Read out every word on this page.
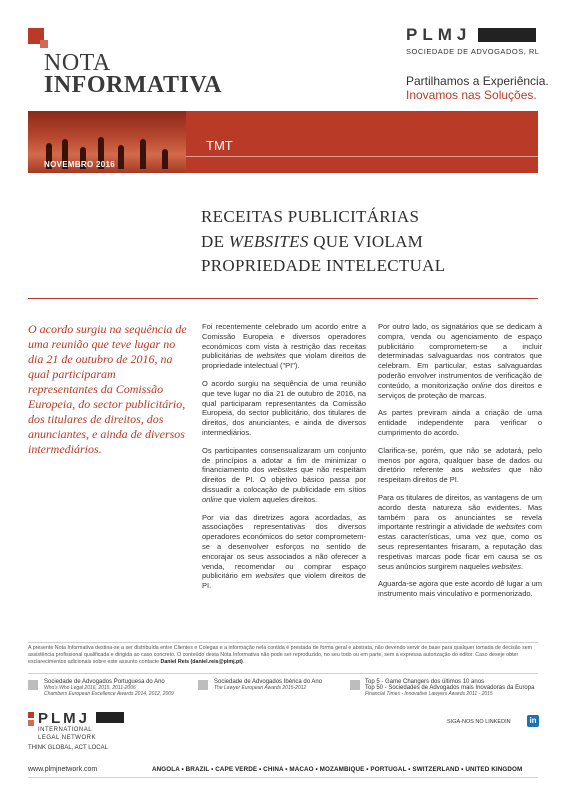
NOTA
INFORMATIVA
PLMJ
SOCIEDADE DE ADVOGADOS, RL
Partilhamos a Experiência.
Inovamos nas Soluções.
NOVEMBRO 2016
TMT
RECEITAS PUBLICITÁRIAS
DE WEBSITES QUE VIOLAM
PROPRIEDADE INTELECTUAL
O acordo surgiu na sequência de uma reunião que teve lugar no dia 21 de outubro de 2016, na qual participaram representantes da Comissão Europeia, do sector publicitário, dos titulares de direitos, dos anunciantes, e ainda de diversos intermediários.

Foi recentemente celebrado um acordo entre a Comissão Europeia e diversos operadores económicos com vista à restrição das receitas publicitárias de websites que violam direitos de propriedade intelectual ("PI").

O acordo surgiu na sequência de uma reunião que teve lugar no dia 21 de outubro de 2016, na qual participaram representantes da Comissão Europeia, do sector publicitário, dos titulares de direitos, dos anunciantes, e ainda de diversos intermediários.

Os participantes consensualizaram um conjunto de princípios a adotar a fim de minimizar o financiamento dos websites que não respeitam direitos de PI. O objetivo básico passa por dissuadir a colocação de publicidade em sítios online que violem aqueles direitos.

Por via das diretrizes agora acordadas, as associações representativas dos diversos operadores económicos do setor comprometem-se a desenvolver esforços no sentido de encorajar os seus associados a não oferecer a venda, recomendar ou comprar espaço publicitário em websites que violem direitos de PI.

Por outro lado, os signatários que se dedicam à compra, venda ou agenciamento de espaço publicitário comprometem-se a incluir determinadas salvaguardas nos contratos que celebram. Em particular, estas salvaguardas poderão envolver instrumentos de verificação de conteúdo, a monitorização online dos direitos e serviços de proteção de marcas.

As partes previram ainda a criação de uma entidade independente para verificar o cumprimento do acordo.

Clarifica-se, porém, que não se adotará, pelo menos por agora, qualquer base de dados ou diretório referente aos websites que não respeitam direitos de PI.

Para os titulares de direitos, as vantagens de um acordo desta natureza são evidentes. Mas também para os anunciantes se revela importante restringir a atividade de websites com estas características, uma vez que, como os seus representantes frisaram, a reputação das respetivas marcas pode ficar em causa se os seus anúncios surgirem naqueles websites.

Aguarda-se agora que este acordo dê lugar a um instrumento mais vinculativo e pormenorizado.

A presente Nota Informativa destina-se a ser distribuída entre Clientes e Colegas e a informação nela contida é prestada de forma geral e abstrata, não devendo servir de base para qualquer tomada de decisão sem assistência profissional qualificada e dirigida ao caso concreto. O conteúdo desta Nota Informativa não pode ser reproduzido, no seu todo ou em parte, sem a expressa autorização do editor. Caso deseje obter esclarecimentos adicionais sobre este assunto contacte Daniel Reis (daniel.reis@plmj.pt).
Sociedade de Advogados Portuguesa do Ano
Who's Who Legal 2016, 2015, 2011-2006
Chambers European Excellence Awards 2014, 2012, 2009
Sociedade de Advogados Ibérica do Ano
The Lawyer European Awards 2015-2012
Top 5 - Game Changers dos últimos 10 anos
Top 50 - Sociedades de Advogados mais Inovadoras da Europa
Financial Times - Innovative Lawyers Awards 2011 - 2015
PLMJ
INTERNATIONAL
LEGAL NETWORK
THINK GLOBAL, ACT LOCAL
SIGA-NOS NO LINKEDIN	in
www.plmjnetwork.com	ANGOLA • BRAZIL • CAPE VERDE • CHINA • MACAO • MOZAMBIQUE • PORTUGAL • SWITZERLAND • UNITED KINGDOM
